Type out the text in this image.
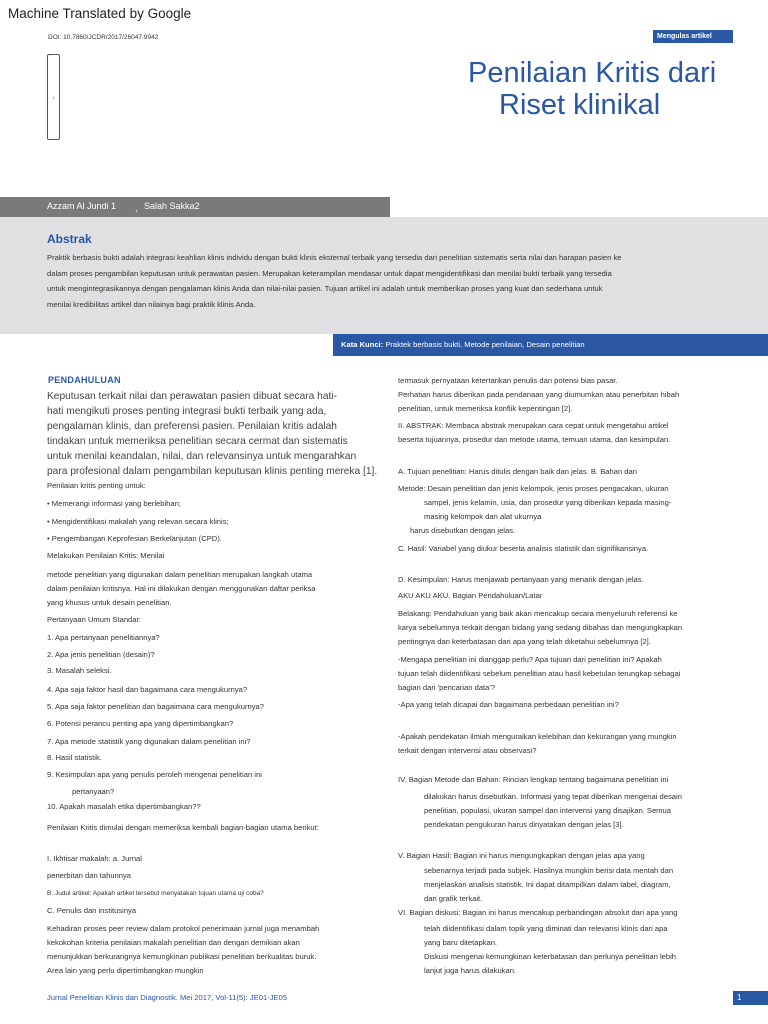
Machine Translated by Google
DOI: 10.7860/JCDR/2017/26047.9942	Mengulas artikel
1
Penilaian Kritis dari
Riset klinikal
Azzam Al Jundi 1 , Salah Sakka2
Abstrak
Praktik berbasis bukti adalah integrasi keahlian klinis individu dengan bukti klinis eksternal terbaik yang tersedia dari penelitian sistematis serta nilai dan harapan pasien ke
dalam proses pengambilan keputusan untuk perawatan pasien. Merupakan keterampilan mendasar untuk dapat mengidentifikasi dan menilai bukti terbaik yang tersedia
untuk mengintegrasikannya dengan pengalaman klinis Anda dan nilai-nilai pasien. Tujuan artikel ini adalah untuk memberikan proses yang kuat dan sederhana untuk
menilai kredibilitas artikel dan nilainya bagi praktik klinis Anda.
Kata Kunci: Praktek berbasis bukti, Metode penilaian, Desain penelitian
PENDAHULUAN
Keputusan terkait nilai dan perawatan pasien dibuat secara hati-
hati mengikuti proses penting integrasi bukti terbaik yang ada,
pengalaman klinis, dan preferensi pasien. Penilaian kritis adalah
tindakan untuk memeriksa penelitian secara cermat dan sistematis
untuk menilai keandalan, nilai, dan relevansinya untuk mengarahkan
para profesional dalam pengambilan keputusan klinis penting mereka [1].

Penilaian kritis penting untuk:

• Memerangi informasi yang berlebihan;

• Mengidentifikasi makalah yang relevan secara klinis;

• Pengembangan Keprofesian Berkelanjutan (CPD).

Melakukan Penilaian Kritis: Menilai

metode penelitian yang digunakan dalam penelitian merupakan langkah utama

dalam penilaian kritisnya. Hal ini dilakukan dengan menggunakan daftar periksa

yang khusus untuk desain penelitian.

Pertanyaan Umum Standar:

1. Apa pertanyaan penelitiannya?

2. Apa jenis penelitian (desain)?

3. Masalah seleksi.

4. Apa saja faktor hasil dan bagaimana cara mengukurnya?

5. Apa saja faktor penelitian dan bagaimana cara mengukurnya?

6. Potensi perancu penting apa yang dipertimbangkan?

7. Apa metode statistik yang digunakan dalam penelitian ini?

8. Hasil statistik.

9. Kesimpulan apa yang penulis peroleh mengenai penelitian ini

pertanyaan?

10. Apakah masalah etika dipertimbangkan??

Penilaian Kritis dimulai dengan memeriksa kembali bagian-bagian utama berikut:

I. Ikhtisar makalah: a. Jurnal

penerbitan dan tahunnya

B. Judul artikel: Apakah artikel tersebut menyatakan tujuan utama uji coba?

C. Penulis dan institusinya

Kehadiran proses peer review dalam protokol penerimaan jurnal juga menambah

kekokohan kriteria penilaian makalah penelitian dan dengan demikian akan

menunjukkan berkurangnya kemungkinan publikasi penelitian berkualitas buruk.

Area lain yang perlu dipertimbangkan mungkin

termasuk pernyataan ketertarikan penulis dan potensi bias pasar.

Perhatian harus diberikan pada pendanaan yang diumumkan atau penerbitan hibah

penelitian, untuk memeriksa konflik kepentingan [2].

II. ABSTRAK: Membaca abstrak merupakan cara cepat untuk mengetahui artikel

beserta tujuannya, prosedur dan metode utama, temuan utama, dan kesimpulan.

A. Tujuan penelitian: Harus ditulis dengan baik dan jelas. B. Bahan dan

Metode: Desain penelitian dan jenis kelompok, jenis proses pengacakan, ukuran

sampel, jenis kelamin, usia, dan prosedur yang diberikan kepada masing-

masing kelompok dan alat ukurnya

harus disebutkan dengan jelas.

C. Hasil: Variabel yang diukur beserta analisis statistik dan signifikansinya.

D. Kesimpulan: Harus menjawab pertanyaan yang menarik dengan jelas.

AKU AKU AKU. Bagian Pendahuluan/Latar

Belakang: Pendahuluan yang baik akan mencakup secara menyeluruh referensi ke

karya sebelumnya terkait dengan bidang yang sedang dibahas dan mengungkapkan

pentingnya dan keterbatasan dari apa yang telah diketahui sebelumnya [2].

-Mengapa penelitian ini dianggap perlu? Apa tujuan dari penelitian ini? Apakah

tujuan telah diidentifikasi sebelum penelitian atau hasil kebetulan terungkap sebagai

bagian dari 'pencarian data'?

-Apa yang telah dicapai dan bagaimana perbedaan penelitian ini?

-Apakah pendekatan ilmiah menguraikan kelebihan dan kekurangan yang mungkin

terkait dengan intervensi atau observasi?

IV. Bagian Metode dan Bahan: Rincian lengkap tentang bagaimana penelitian ini

dilakukan harus disebutkan. Informasi yang tepat diberikan mengenai desain

penelitian, populasi, ukuran sampel dan intervensi yang disajikan. Semua

pendekatan pengukuran harus dinyatakan dengan jelas [3].

V. Bagian Hasil: Bagian ini harus mengungkapkan dengan jelas apa yang

sebenarnya terjadi pada subjek. Hasilnya mungkin berisi data mentah dan

menjelaskan analisis statistik. Ini dapat ditampilkan dalam tabel, diagram,

dan grafik terkait.

VI. Bagian diskusi: Bagian ini harus mencakup perbandingan absolut dari apa yang

telah diidentifikasi dalam topik yang diminati dan relevansi klinis dari apa

yang baru ditetapkan.

Diskusi mengenai kemungkinan keterbatasan dan perlunya penelitian lebih

lanjut juga harus dilakukan.

Jurnal Penelitian Klinis dan Diagnostik. Mei 2017, Vol-11(5): JE01-JE05	1
